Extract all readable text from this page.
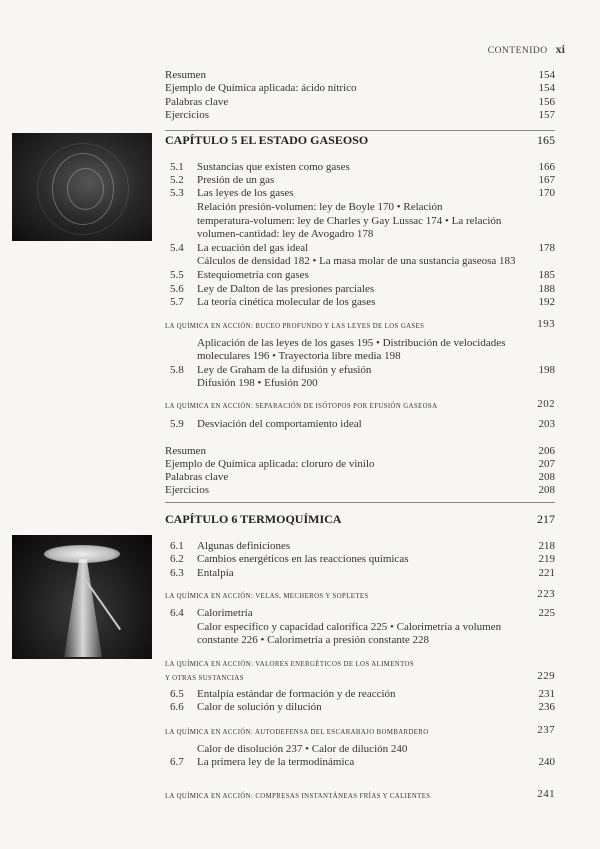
CONTENIDO xi
Resumen	154
Ejemplo de Química aplicada: ácido nítrico	154
Palabras clave	156
Ejercicios	157
CAPÍTULO 5 EL ESTADO GASEOSO	165
5.1 Sustancias que existen como gases	166
5.2 Presión de un gas	167
5.3 Las leyes de los gases	170
Relación presión-volumen: ley de Boyle 170 • Relación
temperatura-volumen: ley de Charles y Gay Lussac 174 • La relación
volumen-cantidad: ley de Avogadro 178
5.4 La ecuación del gas ideal	178
Cálculos de densidad 182 • La masa molar de una sustancia gaseosa 183
5.5 Estequiometría con gases	185
5.6 Ley de Dalton de las presiones parciales	188
5.7 La teoría cinética molecular de los gases	192
LA QUÍMICA EN ACCIÓN: BUCEO PROFUNDO Y LAS LEYES DE LOS GASES	193
Aplicación de las leyes de los gases 195 • Distribución de velocidades
moleculares 196 • Trayectoria libre media 198
5.8 Ley de Graham de la difusión y efusión	198
Difusión 198 • Efusión 200
LA QUÍMICA EN ACCIÓN: SEPARACIÓN DE ISÓTOPOS POR EFUSIÓN GASEOSA	202
5.9 Desviación del comportamiento ideal	203
Resumen	206
Ejemplo de Química aplicada: cloruro de vinilo	207
Palabras clave	208
Ejercicios	208
CAPÍTULO 6 TERMOQUÍMICA	217
6.1 Algunas definiciones	218
6.2 Cambios energéticos en las reacciones químicas	219
6.3 Entalpía	221
LA QUÍMICA EN ACCIÓN: VELAS, MECHEROS Y SOPLETES	223
6.4 Calorimetría	225
Calor específico y capacidad calorífica 225 • Calorimetría a volumen
constante 226 • Calorimetría a presión constante 228
LA QUÍMICA EN ACCIÓN: VALORES ENERGÉTICOS DE LOS ALIMENTOS
Y OTRAS SUSTANCIAS	229
6.5 Entalpía estándar de formación y de reacción	231
6.6 Calor de solución y dilución	236
LA QUÍMICA EN ACCIÓN: AUTODEFENSA DEL ESCARABAJO BOMBARDERO	237
Calor de disolución 237 • Calor de dilución 240
6.7 La primera ley de la termodinámica	240
LA QUÍMICA EN ACCIÓN: COMPRESAS INSTANTÁNEAS FRÍAS Y CALIENTES	241
